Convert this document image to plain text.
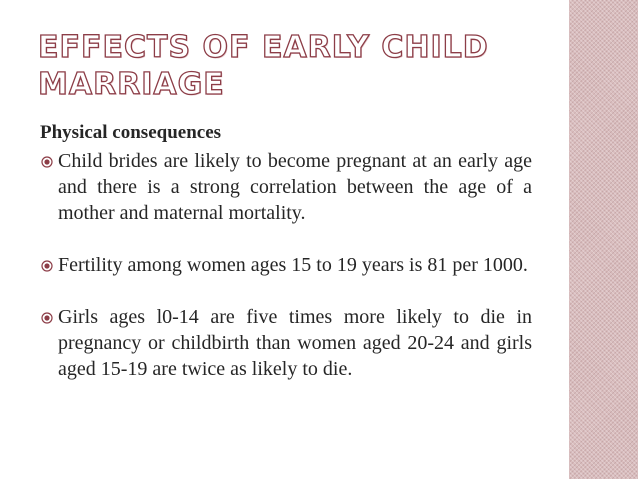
EFFECTS OF EARLY CHILD MARRIAGE

Physical consequences

Child brides are likely to become pregnant at an early age and there is a strong correlation between the age of a mother and maternal mortality.

Fertility among women ages 15 to 19 years is 81 per 1000.

Girls ages l0-14 are five times more likely to die in pregnancy or childbirth than women aged 20-24 and girls aged 15-19 are twice as likely to die.
